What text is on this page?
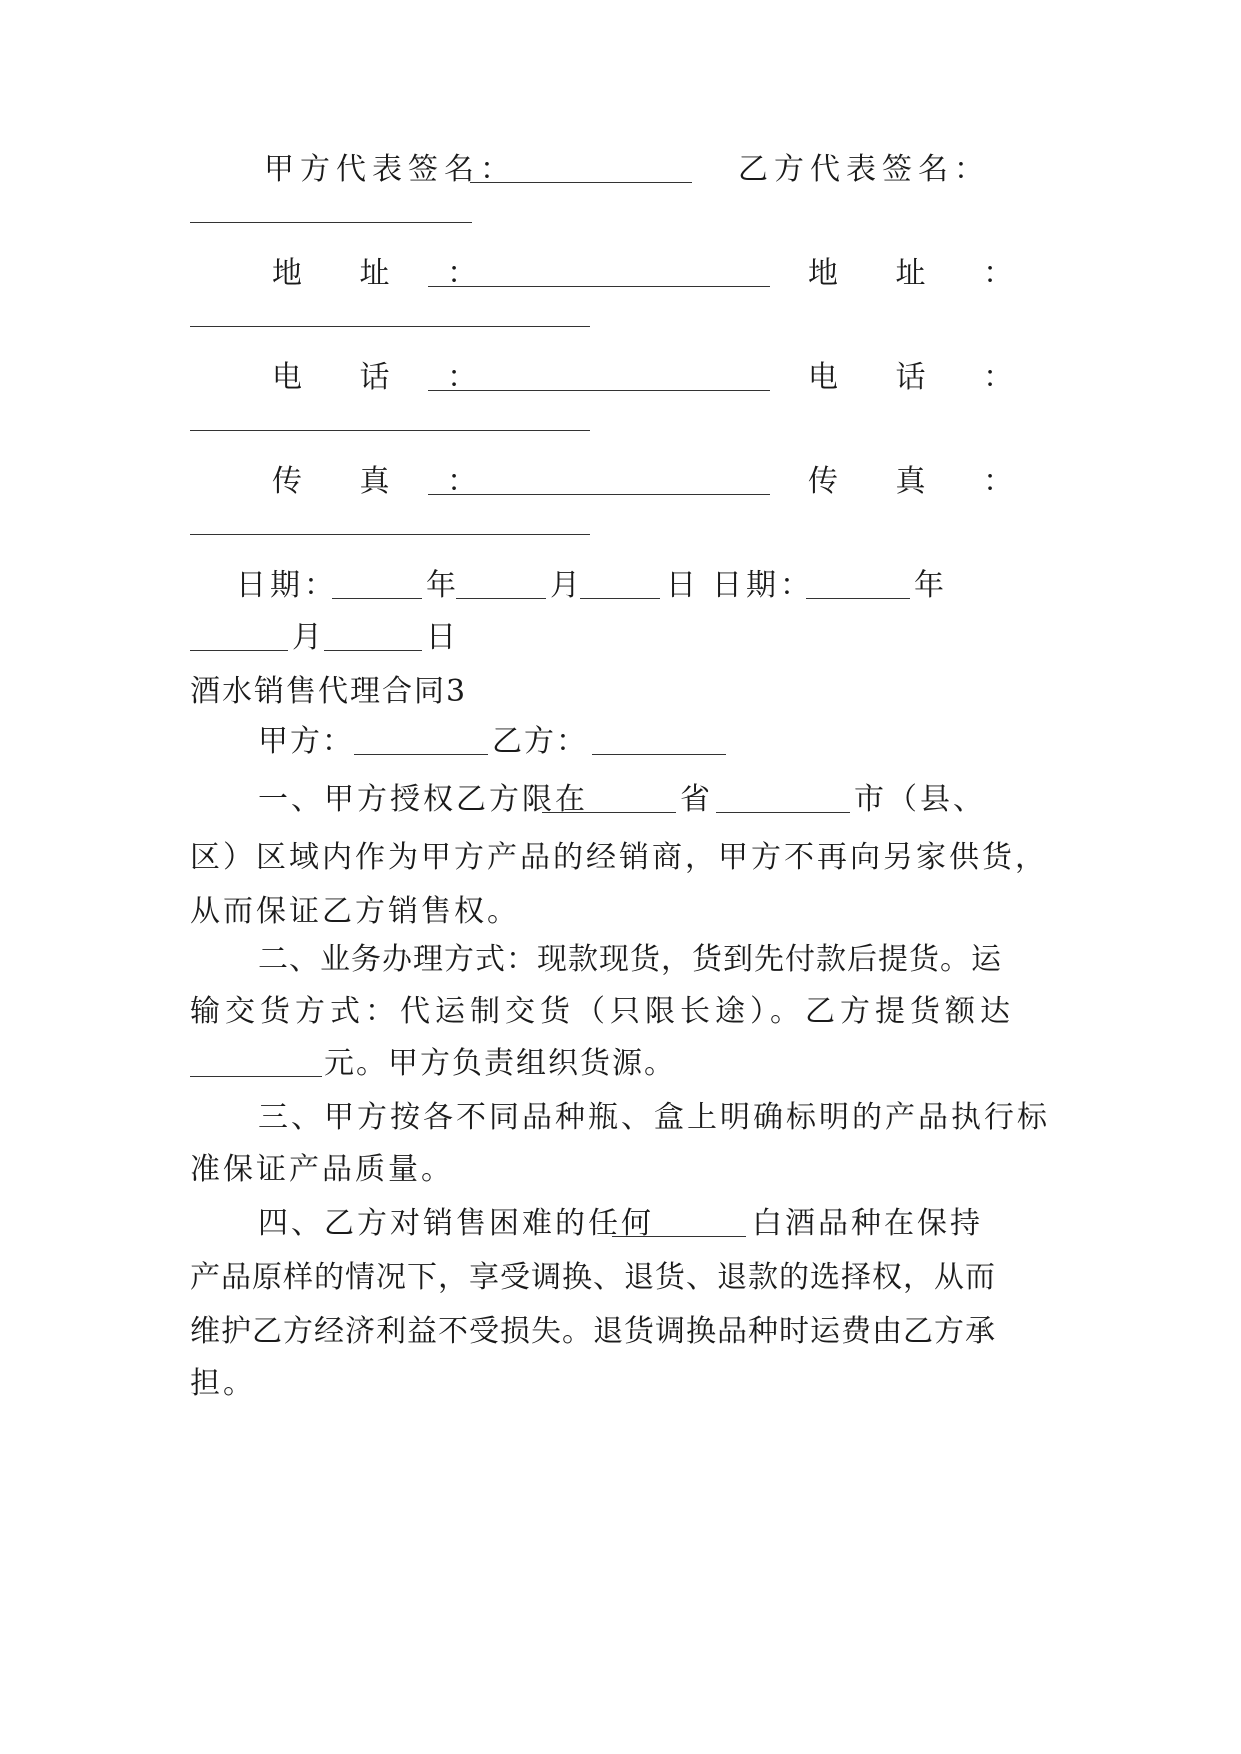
甲方代表签名：	乙方代表签名：
地 址 ：	地 址 ：
电 话 ：	电 话 ：
传 真 ：	传 真 ：
日期：	年	月	日 日期：	年
月	日
酒水销售代理合同3
甲方：	乙方：
一、甲方授权乙方限在	省	市（县、
区）区域内作为甲方产品的经销商，甲方不再向另家供货，
从而保证乙方销售权。
二、业务办理方式：现款现货，货到先付款后提货。运
输交货方式：代运制交货（只限长途）。乙方提货额达
元。甲方负责组织货源。
三、甲方按各不同品种瓶、盒上明确标明的产品执行标
准保证产品质量。
四、乙方对销售困难的任何	白酒品种在保持
产品原样的情况下，享受调换、退货、退款的选择权，从而
维护乙方经济利益不受损失。退货调换品种时运费由乙方承
担。
